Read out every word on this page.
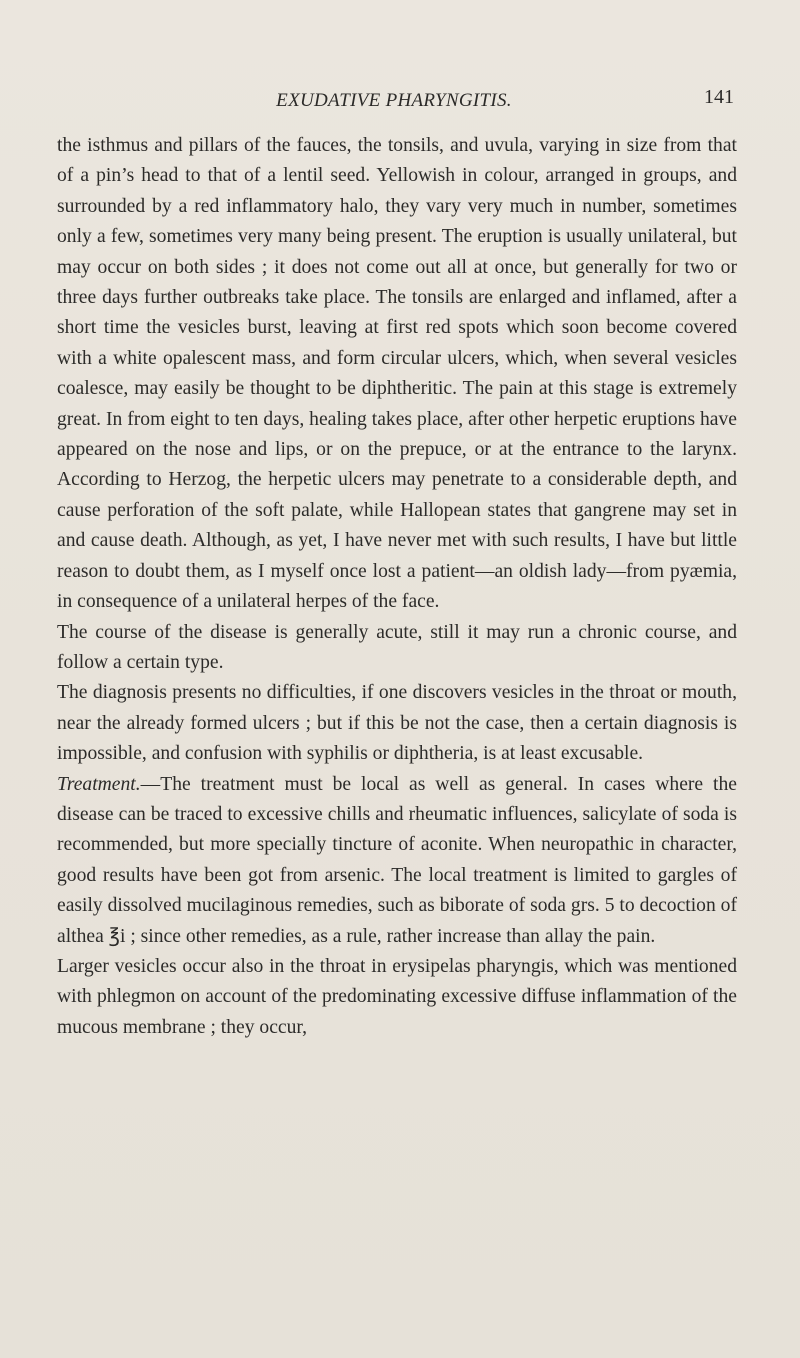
EXUDATIVE PHARYNGITIS.	141

the isthmus and pillars of the fauces, the tonsils, and uvula, varying in size from that of a pin’s head to that of a lentil seed. Yellowish in colour, arranged in groups, and surrounded by a red inflammatory halo, they vary very much in number, sometimes only a few, sometimes very many being present. The eruption is usually unilateral, but may occur on both sides ; it does not come out all at once, but generally for two or three days further outbreaks take place. The tonsils are enlarged and inflamed, after a short time the vesicles burst, leaving at first red spots which soon become covered with a white opalescent mass, and form circular ulcers, which, when several vesicles coalesce, may easily be thought to be diphtheritic. The pain at this stage is extremely great. In from eight to ten days, healing takes place, after other herpetic eruptions have appeared on the nose and lips, or on the prepuce, or at the entrance to the larynx. According to Herzog, the herpetic ulcers may penetrate to a considerable depth, and cause perforation of the soft palate, while Hallopean states that gangrene may set in and cause death. Although, as yet, I have never met with such results, I have but little reason to doubt them, as I myself once lost a patient—an oldish lady—from pyæmia, in consequence of a unilateral herpes of the face.

The course of the disease is generally acute, still it may run a chronic course, and follow a certain type.

The diagnosis presents no difficulties, if one discovers vesicles in the throat or mouth, near the already formed ulcers ; but if this be not the case, then a certain diagnosis is impossible, and confusion with syphilis or diphtheria, is at least excusable.

Treatment.—The treatment must be local as well as general. In cases where the disease can be traced to excessive chills and rheumatic influences, salicylate of soda is recommended, but more specially tincture of aconite. When neuropathic in character, good results have been got from arsenic. The local treatment is limited to gargles of easily dissolved mucilaginous remedies, such as biborate of soda grs. 5 to decoction of althea ℥i ; since other remedies, as a rule, rather increase than allay the pain.

Larger vesicles occur also in the throat in erysipelas pharyngis, which was mentioned with phlegmon on account of the predominating excessive diffuse inflammation of the mucous membrane ; they occur,
